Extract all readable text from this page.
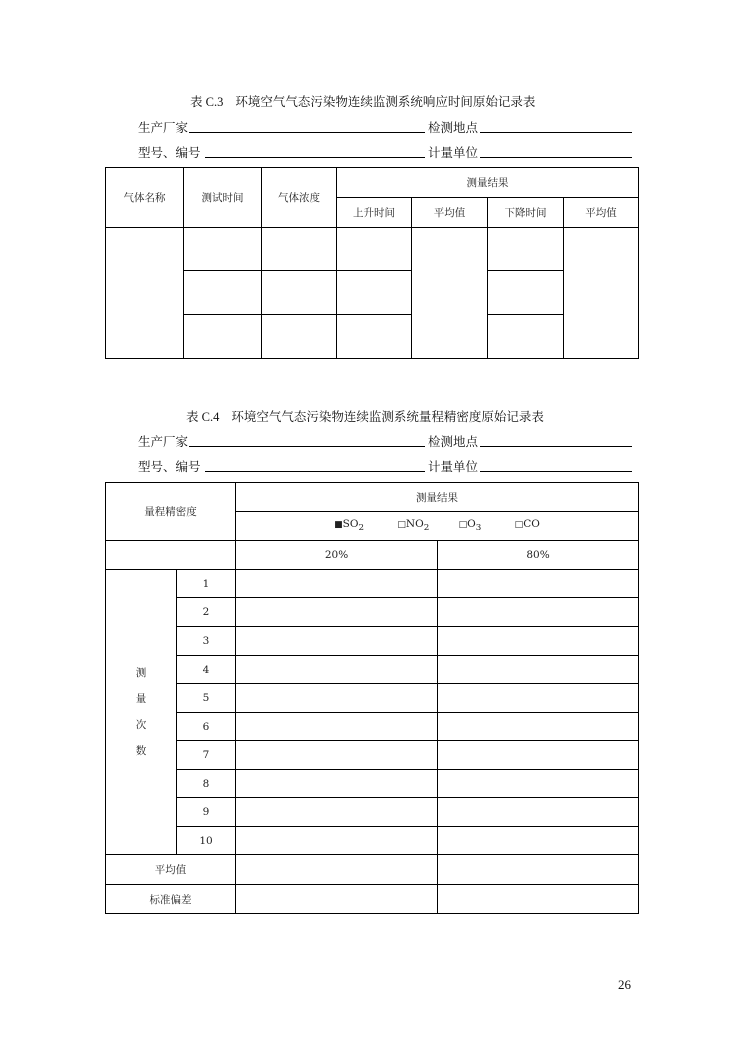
表 C.3 环境空气气态污染物连续监测系统响应时间原始记录表
生产厂家	检测地点
型号、编号	计量单位
气体名称	测试时间	气体浓度	测量结果			
			上升时间	平均值	下降时间	平均值

表 C.4 环境空气气态污染物连续监测系统量程精密度原始记录表
生产厂家	检测地点
型号、编号	计量单位
量程精密度		测量结果	
		$■SO_2$ $□NO_2$ $□O_3$ □CO	
		20%	80%

测
量
次
数	1		
	2		
	3		
	4		
	5		
	6		
	7		
	8		
	9		
	10		
平均值			
标准偏差			
26
